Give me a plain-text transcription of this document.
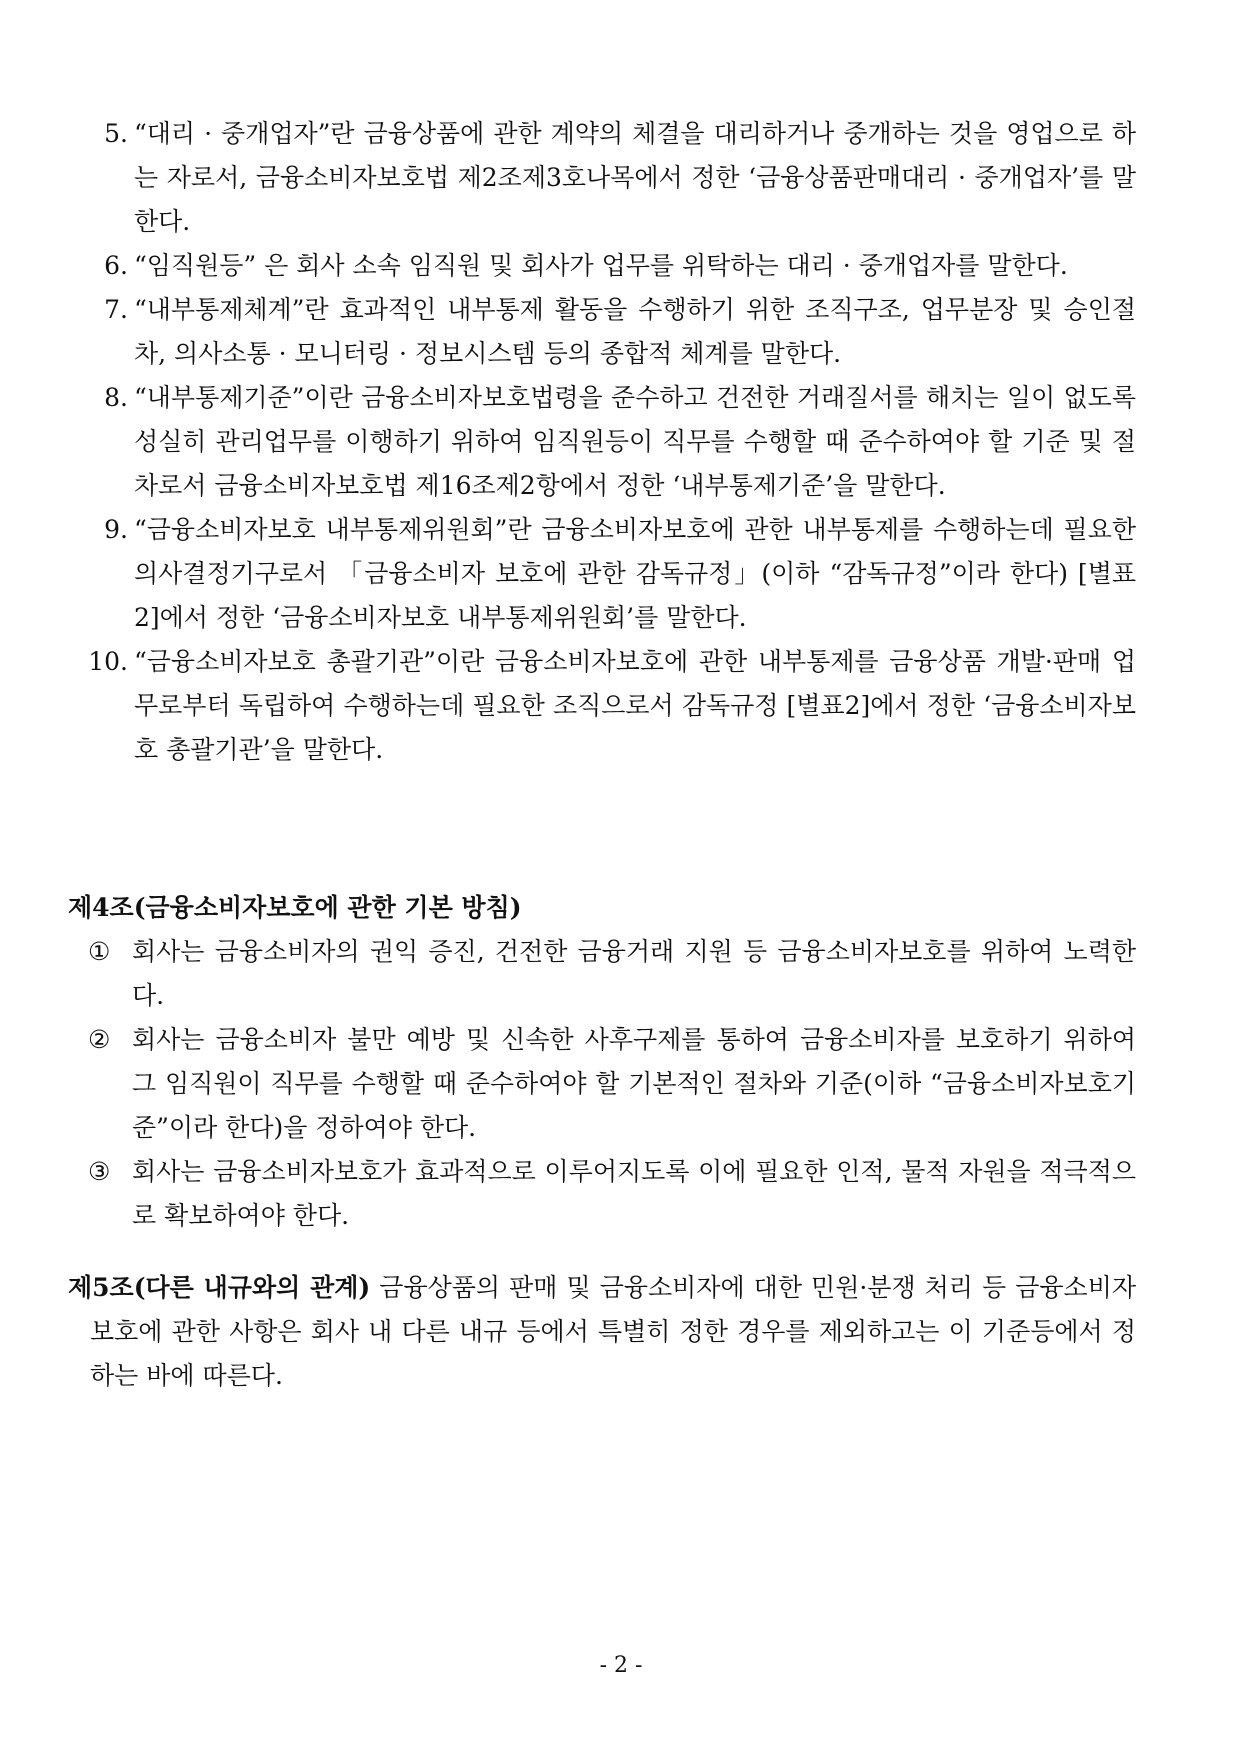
5. “대리 · 중개업자”란 금융상품에 관한 계약의 체결을 대리하거나 중개하는 것을 영업으로 하는 자로서, 금융소비자보호법 제2조제3호나목에서 정한 ‘금융상품판매대리 · 중개업자’를 말한다.
6. “임직원등” 은 회사 소속 임직원 및 회사가 업무를 위탁하는 대리 · 중개업자를 말한다.
7. “내부통제체계”란 효과적인 내부통제 활동을 수행하기 위한 조직구조, 업무분장 및 승인절차, 의사소통 · 모니터링 · 정보시스템 등의 종합적 체계를 말한다.
8. “내부통제기준”이란 금융소비자보호법령을 준수하고 건전한 거래질서를 해치는 일이 없도록 성실히 관리업무를 이행하기 위하여 임직원등이 직무를 수행할 때 준수하여야 할 기준 및 절차로서 금융소비자보호법 제16조제2항에서 정한 ‘내부통제기준’을 말한다.
9. “금융소비자보호 내부통제위원회”란 금융소비자보호에 관한 내부통제를 수행하는데 필요한 의사결정기구로서 「금융소비자 보호에 관한 감독규정」(이하 “감독규정”이라 한다) [별표2]에서 정한 ‘금융소비자보호 내부통제위원회’를 말한다.
10. “금융소비자보호 총괄기관”이란 금융소비자보호에 관한 내부통제를 금융상품 개발·판매 업무로부터 독립하여 수행하는데 필요한 조직으로서 감독규정 [별표2]에서 정한 ‘금융소비자보호 총괄기관’을 말한다.
제4조(금융소비자보호에 관한 기본 방침)
① 회사는 금융소비자의 권익 증진, 건전한 금융거래 지원 등 금융소비자보호를 위하여 노력한다.
② 회사는 금융소비자 불만 예방 및 신속한 사후구제를 통하여 금융소비자를 보호하기 위하여 그 임직원이 직무를 수행할 때 준수하여야 할 기본적인 절차와 기준(이하 “금융소비자보호기준”이라 한다)을 정하여야 한다.
③ 회사는 금융소비자보호가 효과적으로 이루어지도록 이에 필요한 인적, 물적 자원을 적극적으로 확보하여야 한다.
제5조(다른 내규와의 관계) 금융상품의 판매 및 금융소비자에 대한 민원·분쟁 처리 등 금융소비자 보호에 관한 사항은 회사 내 다른 내규 등에서 특별히 정한 경우를 제외하고는 이 기준등에서 정하는 바에 따른다.
- 2 -
